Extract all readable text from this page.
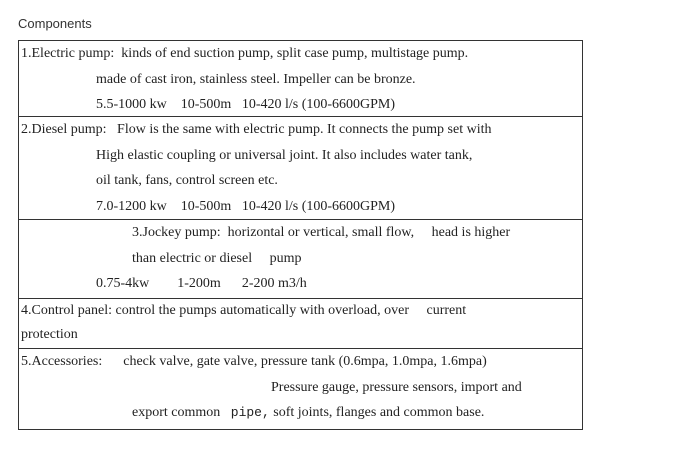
Components
1.Electric pump:  kinds of end suction pump, split case pump, multistage pump.
made of cast iron, stainless steel. Impeller can be bronze.
5.5-1000 kw    10-500m   10-420 l/s (100-6600GPM)
2.Diesel pump:   Flow is the same with electric pump. It connects the pump set with
High elastic coupling or universal joint. It also includes water tank,
oil tank, fans, control screen etc.
7.0-1200 kw    10-500m   10-420 l/s (100-6600GPM)
3.Jockey pump:  horizontal or vertical, small flow,     head is higher
than electric or diesel     pump
0.75-4kw        1-200m      2-200 m3/h
4.Control panel: control the pumps automatically with overload, over     current
protection
5.Accessories:      check valve, gate valve, pressure tank (0.6mpa, 1.0mpa, 1.6mpa)
Pressure gauge, pressure sensors, import and
export common pipe, soft joints, flanges and common base.
